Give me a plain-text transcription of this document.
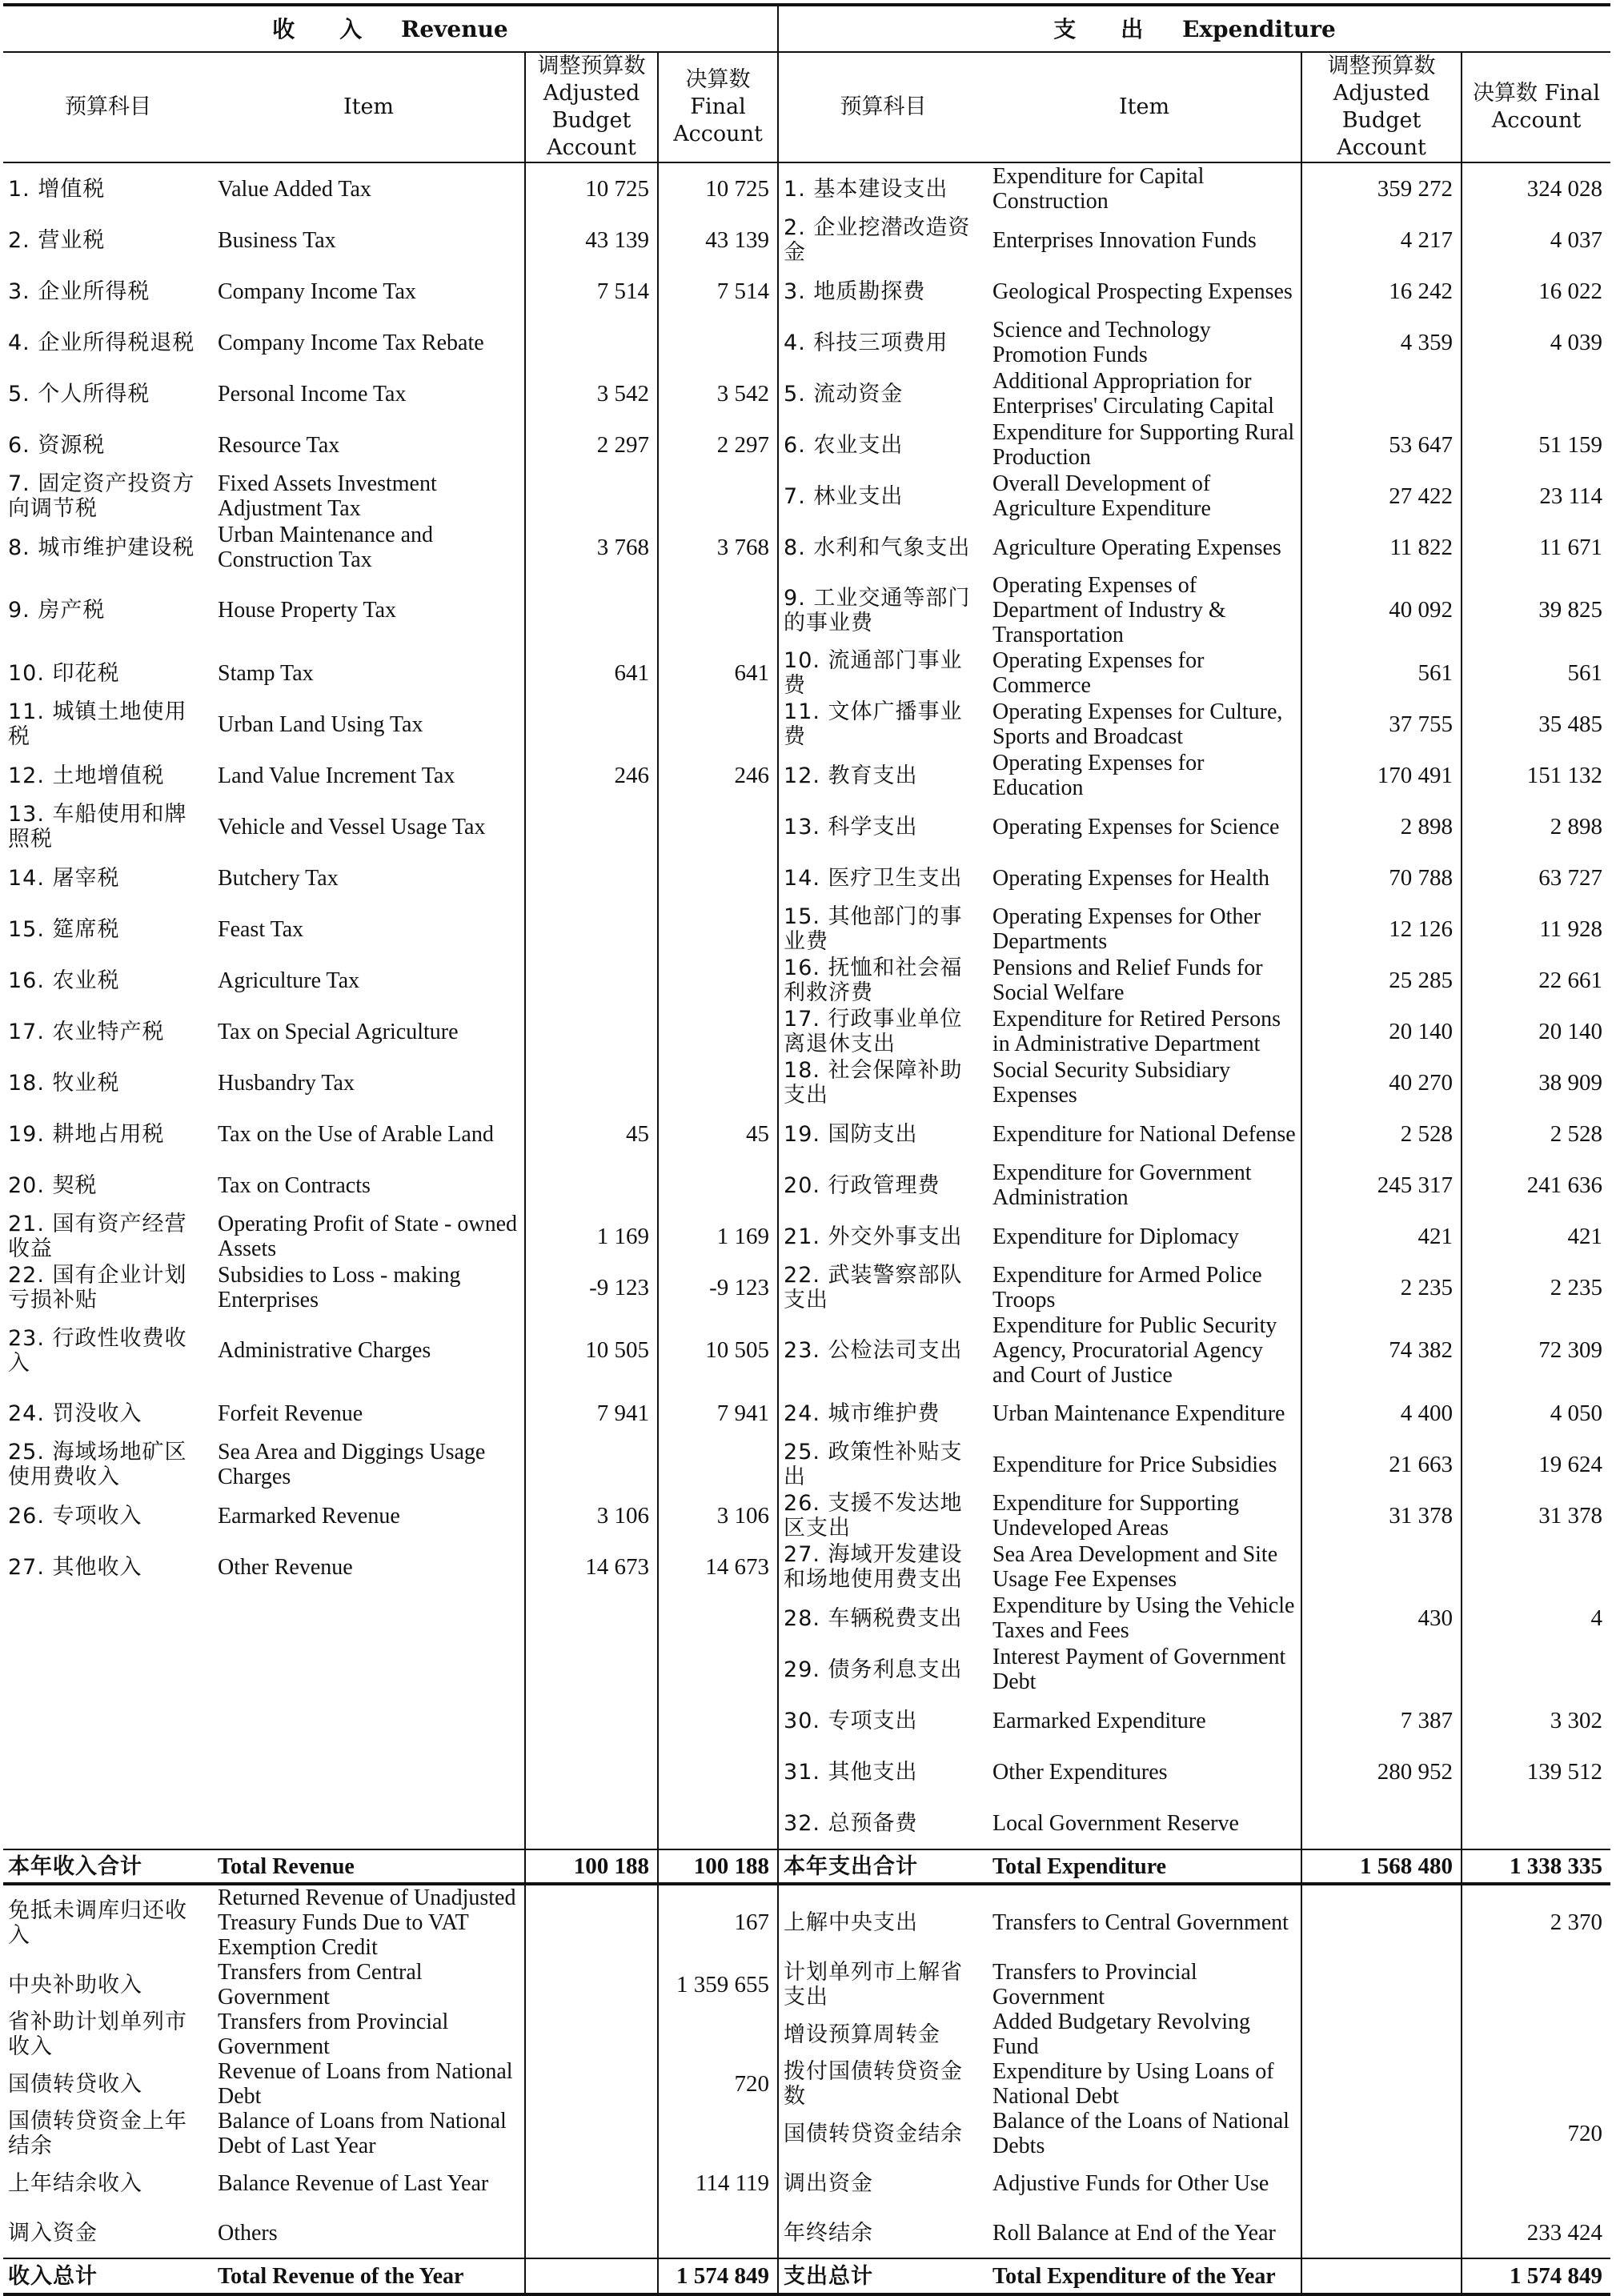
收　　入 Revenue				支　　出 Expenditure			
预算科目	Item	调整预算数 Adjusted Budget Account	决算数 Final Account	预算科目	Item	调整预算数 Adjusted Budget Account	决算数 Final Account
1. 增值税	Value Added Tax	10 725	10 725	1. 基本建设支出	Expenditure for Capital Construction	359 272	324 028
2. 营业税	Business Tax	43 139	43 139	2. 企业挖潜改造资金	Enterprises Innovation Funds	4 217	4 037
3. 企业所得税	Company Income Tax	7 514	7 514	3. 地质勘探费	Geological Prospecting Expenses	16 242	16 022
4. 企业所得税退税	Company Income Tax Rebate			4. 科技三项费用	Science and Technology Promotion Funds	4 359	4 039
5. 个人所得税	Personal Income Tax	3 542	3 542	5. 流动资金	Additional Appropriation for Enterprises' Circulating Capital		
6. 资源税	Resource Tax	2 297	2 297	6. 农业支出	Expenditure for Supporting Rural Production	53 647	51 159
7. 固定资产投资方向调节税	Fixed Assets Investment Adjustment Tax			7. 林业支出	Overall Development of Agriculture Expenditure	27 422	23 114
8. 城市维护建设税	Urban Maintenance and Construction Tax	3 768	3 768	8. 水利和气象支出	Agriculture Operating Expenses	11 822	11 671
9. 房产税	House Property Tax			9. 工业交通等部门的事业费	Operating Expenses of Department of Industry & Transportation	40 092	39 825
10. 印花税	Stamp Tax	641	641	10. 流通部门事业费	Operating Expenses for Commerce	561	561
11. 城镇土地使用税	Urban Land Using Tax			11. 文体广播事业费	Operating Expenses for Culture, Sports and Broadcast	37 755	35 485
12. 土地增值税	Land Value Increment Tax	246	246	12. 教育支出	Operating Expenses for Education	170 491	151 132
13. 车船使用和牌照税	Vehicle and Vessel Usage Tax			13. 科学支出	Operating Expenses for Science	2 898	2 898
14. 屠宰税	Butchery Tax			14. 医疗卫生支出	Operating Expenses for Health	70 788	63 727
15. 筵席税	Feast Tax			15. 其他部门的事业费	Operating Expenses for Other Departments	12 126	11 928
16. 农业税	Agriculture Tax			16. 抚恤和社会福利救济费	Pensions and Relief Funds for Social Welfare	25 285	22 661
17. 农业特产税	Tax on Special Agriculture			17. 行政事业单位离退休支出	Expenditure for Retired Persons in Administrative Department	20 140	20 140
18. 牧业税	Husbandry Tax			18. 社会保障补助支出	Social Security Subsidiary Expenses	40 270	38 909
19. 耕地占用税	Tax on the Use of Arable Land	45	45	19. 国防支出	Expenditure for National Defense	2 528	2 528
20. 契税	Tax on Contracts			20. 行政管理费	Expenditure for Government Administration	245 317	241 636
21. 国有资产经营收益	Operating Profit of State - owned Assets	1 169	1 169	21. 外交外事支出	Expenditure for Diplomacy	421	421
22. 国有企业计划亏损补贴	Subsidies to Loss - making Enterprises	-9 123	-9 123	22. 武装警察部队支出	Expenditure for Armed Police Troops	2 235	2 235
23. 行政性收费收入	Administrative Charges	10 505	10 505	23. 公检法司支出	Expenditure for Public Security Agency, Procuratorial Agency and Court of Justice	74 382	72 309
24. 罚没收入	Forfeit Revenue	7 941	7 941	24. 城市维护费	Urban Maintenance Expenditure	4 400	4 050
25. 海域场地矿区使用费收入	Sea Area and Diggings Usage Charges			25. 政策性补贴支出	Expenditure for Price Subsidies	21 663	19 624
26. 专项收入	Earmarked Revenue	3 106	3 106	26. 支援不发达地区支出	Expenditure for Supporting Undeveloped Areas	31 378	31 378
27. 其他收入	Other Revenue	14 673	14 673	27. 海域开发建设和场地使用费支出	Sea Area Development and Site Usage Fee Expenses		
				28. 车辆税费支出	Expenditure by Using the Vehicle Taxes and Fees	430	4
				29. 债务利息支出	Interest Payment of Government Debt		
				30. 专项支出	Earmarked Expenditure	7 387	3 302
				31. 其他支出	Other Expenditures	280 952	139 512
				32. 总预备费	Local Government Reserve		
本年收入合计	Total Revenue	100 188	100 188	本年支出合计	Total Expenditure	1 568 480	1 338 335
免抵未调库归还收入	Returned Revenue of Unadjusted Treasury Funds Due to VAT Exemption Credit		167	上解中央支出	Transfers to Central Government		2 370
中央补助收入	Transfers from Central Government		1 359 655	计划单列市上解省支出	Transfers to Provincial Government		
省补助计划单列市收入	Transfers from Provincial Government			增设预算周转金	Added Budgetary Revolving Fund		
国债转贷收入	Revenue of Loans from National Debt		720	拨付国债转贷资金数	Expenditure by Using Loans of National Debt		
国债转贷资金上年结余	Balance of Loans from National Debt of Last Year			国债转贷资金结余	Balance of the Loans of National Debts		720
上年结余收入	Balance Revenue of Last Year		114 119	调出资金	Adjustive Funds for Other Use		
调入资金	Others			年终结余	Roll Balance at End of the Year		233 424
收入总计	Total Revenue of the Year		1 574 849	支出总计	Total Expenditure of the Year		1 574 849
